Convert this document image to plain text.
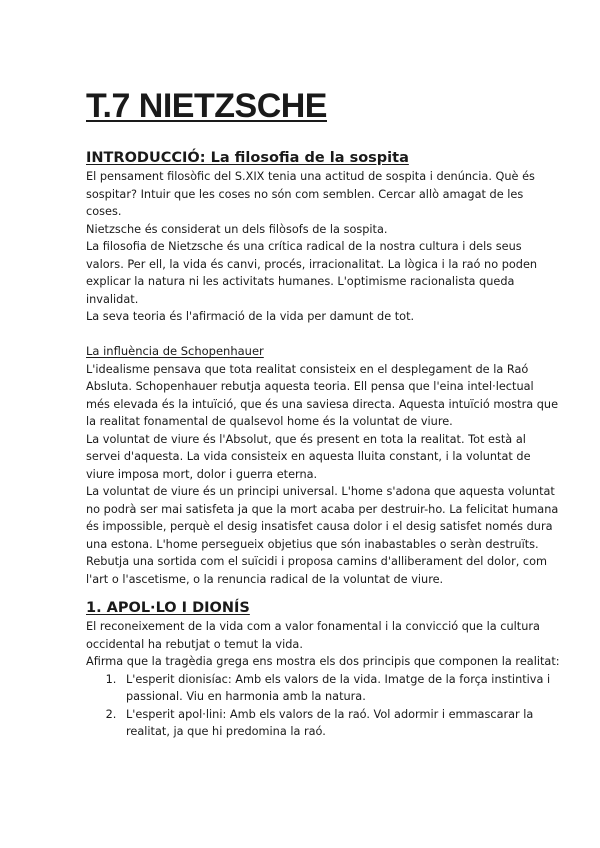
T.7 NIETZSCHE
INTRODUCCIÓ: La filosofia de la sospita

El pensament filosòfic del S.XIX tenia una actitud de sospita i denúncia. Què és sospitar? Intuir que les coses no són com semblen. Cercar allò amagat de les coses.

Nietzsche és considerat un dels filòsofs de la sospita.

La filosofia de Nietzsche és una crítica radical de la nostra cultura i dels seus valors. Per ell, la vida és canvi, procés, irracionalitat. La lògica i la raó no poden explicar la natura ni les activitats humanes. L'optimisme racionalista queda invalidat.

La seva teoria és l'afirmació de la vida per damunt de tot.

La influència de Schopenhauer

L'idealisme pensava que tota realitat consisteix en el desplegament de la Raó Absluta. Schopenhauer rebutja aquesta teoria. Ell pensa que l'eina intel·lectual més elevada és la intuïció, que és una saviesa directa. Aquesta intuïció mostra que la realitat fonamental de qualsevol home és la voluntat de viure.

La voluntat de viure és l'Absolut, que és present en tota la realitat. Tot està al servei d'aquesta. La vida consisteix en aquesta lluita constant, i la voluntat de viure imposa mort, dolor i guerra eterna.

La voluntat de viure és un principi universal. L'home s'adona que aquesta voluntat no podrà ser mai satisfeta ja que la mort acaba per destruir-ho. La felicitat humana és impossible, perquè el desig insatisfet causa dolor i el desig satisfet només dura una estona. L'home persegueix objetius que són inabastables o seràn destruïts.

Rebutja una sortida com el suïcidi i proposa camins d'alliberament del dolor, com l'art o l'ascetisme, o la renuncia radical de la voluntat de viure.

1. APOL·LO I DIONÍS

El reconeixement de la vida com a valor fonamental i la convicció que la cultura occidental ha rebutjat o temut la vida.

Afirma que la tragèdia grega ens mostra els dos principis que componen la realitat:

1. L'esperit dionisíac: Amb els valors de la vida. Imatge de la força instintiva i passional. Viu en harmonia amb la natura.
2. L'esperit apol·lini: Amb els valors de la raó. Vol adormir i emmascarar la realitat, ja que hi predomina la raó.
